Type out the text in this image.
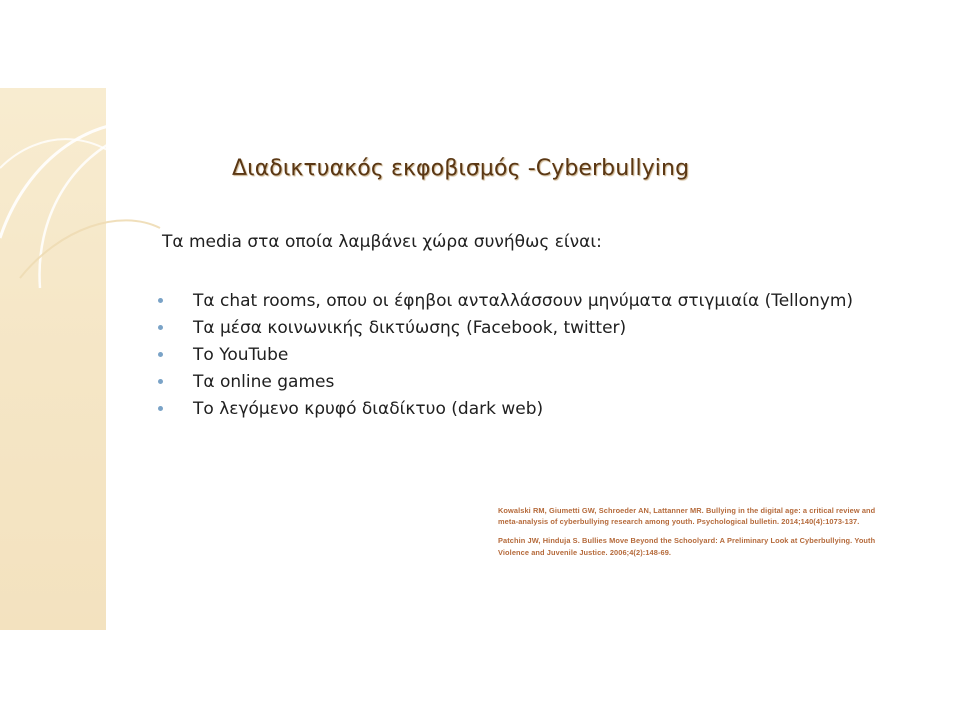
Διαδικτυακός εκφοβισμός -Cyberbullying

Τα media στα οποία λαμβάνει χώρα συνήθως είναι:

Τα chat rooms, οπου οι έφηβοι ανταλλάσσουν μηνύματα στιγμιαία (Tellonym)
Τα μέσα κοινωνικής δικτύωσης (Facebook, twitter)
Το YouTube
Τα online games
Το λεγόμενο κρυφό διαδίκτυο (dark web)
Kowalski RM, Giumetti GW, Schroeder AN, Lattanner MR. Bullying in the digital age: a critical review and
meta-analysis of cyberbullying research among youth. Psychological bulletin. 2014;140(4):1073-137.
Patchin JW, Hinduja S. Bullies Move Beyond the Schoolyard: A Preliminary Look at Cyberbullying. Youth
Violence and Juvenile Justice. 2006;4(2):148-69.
